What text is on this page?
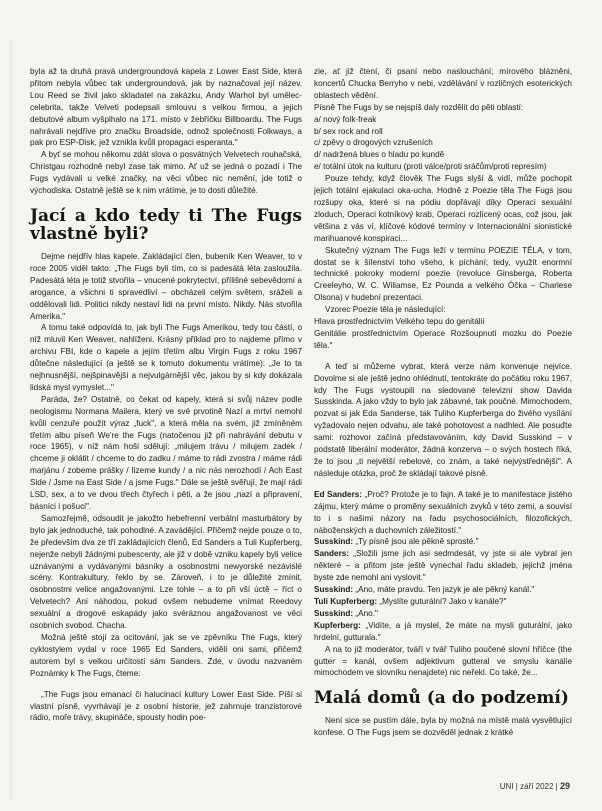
byla až ta druhá pravá undergroundová kapela z Lower East Side, která přitom nebyla vůbec tak undergroundová, jak by naznačoval její název. Lou Reed se živil jako skladatel na zakázku, Andy Warhol byl umělec-celebrita, takže Velveti podepsali smlouvu s velkou firmou, a jejich debutové album vyšplhalo na 171. místo v žebříčku Billboardu. The Fugs nahrávali nejdříve pro značku Broadside, odnož společnosti Folkways, a pak pro ESP-Disk, jež vznikla kvůli propagaci esperanta."

A byť se mohou někomu zdát slova o posvátných Velvetech rouhačská, Christgau rozhodně nebyl zase tak mimo. Ať už se jedná o pozadí i The Fugs vydávali u velké značky, na věci vůbec nic nemění, jde totiž o východiska. Ostatně ještě se k nim vrátíme, je to dosti důležité.

Jací a kdo tedy ti The Fugs vlastně byli?

Dejme nejdřív hlas kapele. Zakládající člen, bubeník Ken Weaver, to v roce 2005 viděl takto: „The Fugs byli tím, co si padesátá léta zasloužila. Padesátá léta je totiž stvořila – vnucené pokrytectví, přílišné sebevědomí a arogance, a všichni ti spravedliví – obcházeli celým světem, sráželi a oddělovali lidi. Politici nikdy nestaví lidi na první místo. Nikdy. Nás stvořila Amerika."

A tomu také odpovídá to, jak byli The Fugs Amerikou, tedy tou částí, o níž mluvil Ken Weaver, nahlíženi. Krásný příklad pro to najdeme přímo v archivu FBI, kde o kapele a jejím třetím albu Virgin Fugs z roku 1967 důtečne následující (a ještě se k tomuto dokumentu vrátíme): „Je to ta nejhnusnější, nejšpinavější a nejvulgárnější věc, jakou by si kdy dokázala lidská mysl vymyslet..."

Paráda, že? Ostatně, co čekat od kapely, která si svůj název podle neologismu Normana Mailera, který ve své prvotině Nazí a mrtví nemohl kvůli cenzuře použít výraz „fuck", a která měla na svém, již zmíněném třetím albu píseň We're the Fugs (natočenou již při nahrávání debutu v roce 1965), v níž nám hoši sdělují: „milujem trávu / milujem zadek / chceme ji oklátit / chceme to do zadku / máme to rádi zvostra / máme rádi marjánu / zobeme prášky / lízeme kundy / a nic nás nerozhodí / Ach East Side / Jsme na East Side / a jsme Fugs." Dále se ještě svěřují, že mají rádi LSD, sex, a to ve dvou třech čtyřech i pěti, a že jsou „nazí a připravení, básníci i pošuci".

Samozřejmě, odsoudit je jakožto hebefrenní verbální masturbátory by bylo jak jednoduché, tak pohodlné. A zavádějící. Přičemž nejde pouze o to, že především dva ze tří zakládajících členů, Ed Sanders a Tuli Kupferberg, nejenže nebyli žádnými pubescenty, ale již v době vzniku kapely byli velice uznávanými a vydávanými básníky a osobnostmi newyorské nezávislé scény. Kontrakultury, řeklo by se. Zároveň, i to je důležité zmínit, osobnostmi velice angažovanými. Lze tohle – a to při vší úctě – říct o Velvetech? Ani náhodou, pokud ovšem nebudeme vnímat Reedovy sexuální a drogové eskapády jako svéráznou angažovanost ve věci osobních svobod. Chacha.

Možná ještě stojí za ocitování, jak se ve zpěvníku The Fugs, který cyklostylem vydal v roce 1965 Ed Sanders, vidělí oni sami, přičemž autorem byl s velkou určitostí sám Sanders. Zde, v úvodu nazvaném Poznámky k The Fugs, čteme:

„The Fugs jsou emanací či halucinací kultury Lower East Side. Píší si vlastní písně, vyvrhávají je z osobní historie, jež zahrnuje tranzistorové rádio, moře trávy, skupináče, spousty hodin poe-

zie, ať již čtení, či psaní nebo naslouchání; mírového blázněni, koncertů Chucka Berryho v nebi, vzdělávání v rozličných esoterických oblastech vědění.

Písně The Fugs by se nejspíš daly rozdělit do pěti oblastí:

a/ nový folk-freak
b/ sex rock and roll
c/ zpěvy o drogových vzrušeních
d/ nadržená blues o hladu po kundě
e/ totální útok na kulturu (proti válce/proti sráčům/proti represím)

Pouze tehdy, když člověk The Fugs slyší & vidí, může pochopit jejich totální ejakulaci oka-ucha. Hodně z Poezie těla The Fugs jsou rozšupy oka, které si na pódiu dopřávají díky Operaci sexuální zloduch, Operaci kotníkový krab, Operaci rozlícený ocas, což jsou, jak většina z vás ví, klíčové kódové termíny v Internacionální sionistické marihuanové konspiraci...

Skutečný význam The Fugs leží v termínu POEZIE TĚLA, v tom, dostat se k šílenství toho všeho, k píchání; tedy, využít enormní technické pokroky moderní poezie (revoluce Ginsberga, Roberta Creeleyho, W. C. Wiliamse, Ez Pounda a velkého Óčka – Charlese Olsona) v hudební prezentaci.

Vzorec Poezie těla je následující:

Hlava prostřednictvím Velkého tepu do genitálií

Genitálie prostřednictvím Operace Rozšoupnutí mozku do Poezie těla."

A teď si můžeme vybrat, která verze nám konvenuje nejvíce. Dovolme si ale ještě jedno ohlédnutí, tentokráte do počátku roku 1967, kdy The Fugs vystoupili na sledované televizní show Davida Susskinda. A jako vždy to bylo jak zábavné, tak poučné. Mimochodem, pozvat si jak Eda Sanderse, tak Tuliho Kupferberga do živého vysílání vyžadovalo nejen odvahu, ale také pohotovost a nadhled. Ale posuďte sami: rozhovor začíná představováním, kdy David Susskind – v podstatě liberální moderátor, žádná konzerva – o svých hostech říká, že to jsou „ti největší rebelové, co znám, a také nejvýstřednější". A následuje otázka, proč že skládají takové písně.

Ed Sanders: „Proč? Protože je to fajn. A také je to manifestace jistého zájmu, který máme o proměny sexuálních zvyků v této zemi, a souvisí to i s našimi názory na řadu psychosociálních, filozofických, náboženských a duchovních záležitostí."

Susskind: „Ty písně jsou ale pěkně sprosté."

Sanders: „Složili jsme jich asi sedmdesát, vy jste si ale vybral jen některé – a přitom jste ještě vynechal řadu skladeb, jejichž jména byste zde nemohl ani vyslovit."

Susskind: „Ano, máte pravdu. Ten jazyk je ale pěkný kanál."

Tuli Kupferberg: „Myslíte guturální? Jako v kanále?"

Susskind: „Ano."

Kupferberg: „Vidíte, a já myslel, že máte na mysli guturální, jako hrdelní, gutturala."

A na to již moderátor, tváří v tvář Tuliho poučené slovní hříčce (the gutter = kanál, ovšem adjektivum gutteral ve smyslu kanálie mimochodem ve slovníku nenajdete) nic neřekl. Co také, že...

Malá domů (a do podzemí)

Není sice se pustím dále, byla by možná na místě malá vysvětlující konfese. O The Fugs jsem se dozvěděl jednak z krátké

UNI | září 2022 | 29
